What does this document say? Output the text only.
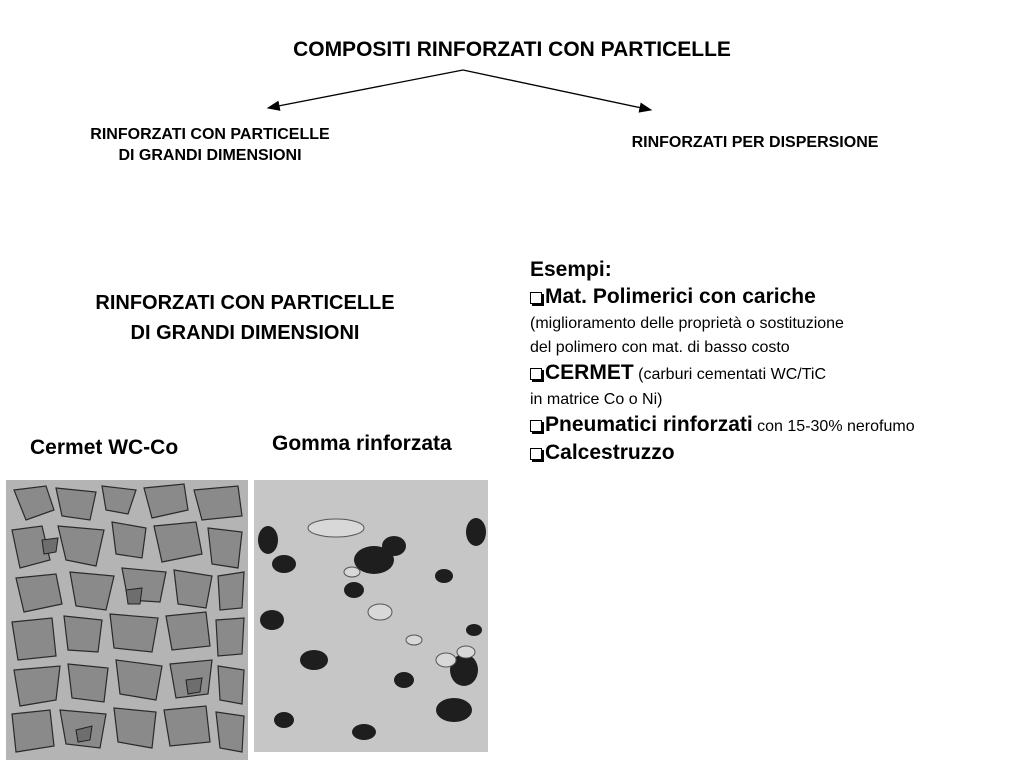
COMPOSITI RINFORZATI CON PARTICELLE
RINFORZATI CON PARTICELLE
DI GRANDI DIMENSIONI
RINFORZATI PER DISPERSIONE
RINFORZATI CON PARTICELLE
DI GRANDI DIMENSIONI
Esempi:
Mat. Polimerici con cariche
(miglioramento delle proprietà o sostituzione
del polimero con mat. di basso costo
CERMET (carburi cementati WC/TiC
in matrice Co o Ni)
Pneumatici rinforzati con 15-30% nerofumo
Calcestruzzo
Cermet WC-Co	Gomma rinforzata
